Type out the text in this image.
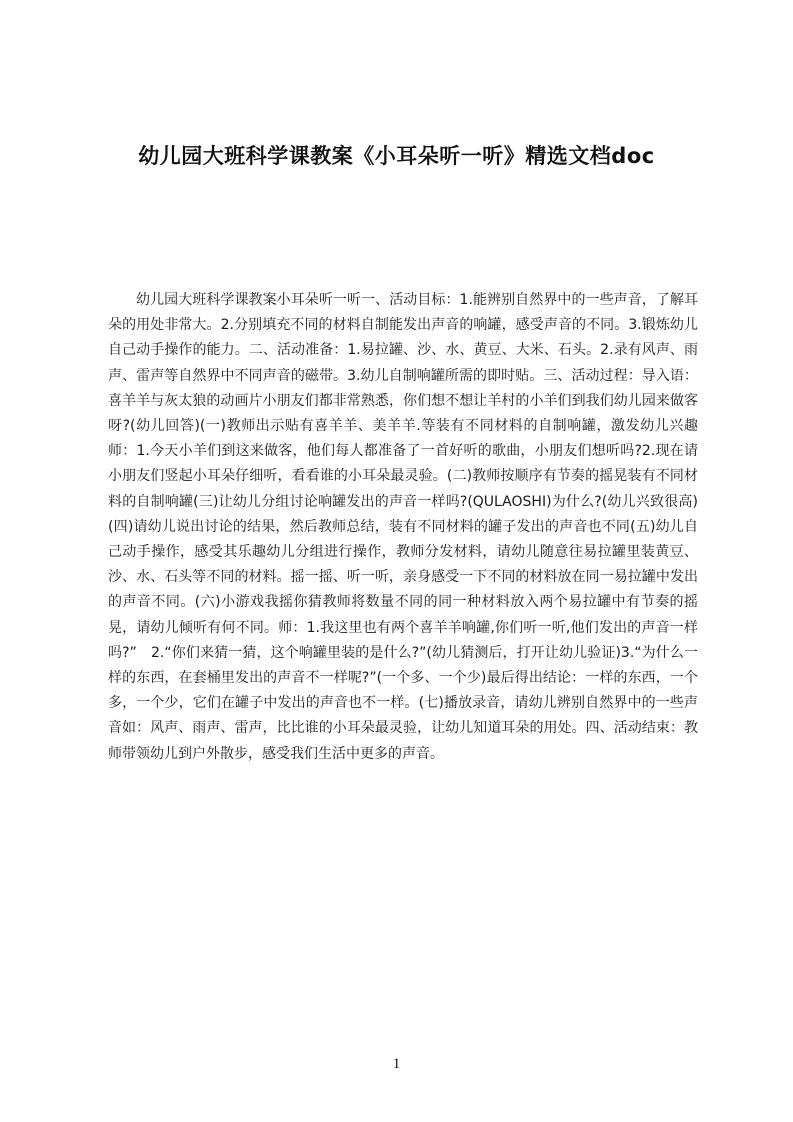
幼儿园大班科学课教案《小耳朵听一听》精选文档doc

幼儿园大班科学课教案小耳朵听一听一、活动目标：1.能辨别自然界中的一些声音，了解耳朵的用处非常大。2.分别填充不同的材料自制能发出声音的响罐，感受声音的不同。3.锻炼幼儿自己动手操作的能力。二、活动准备：1.易拉罐、沙、水、黄豆、大米、石头。2.录有风声、雨声、雷声等自然界中不同声音的磁带。3.幼儿自制响罐所需的即时贴。三、活动过程：导入语：喜羊羊与灰太狼的动画片小朋友们都非常熟悉，你们想不想让羊村的小羊们到我们幼儿园来做客呀?(幼儿回答)(一)教师出示贴有喜羊羊、美羊羊.等装有不同材料的自制响罐，激发幼儿兴趣师：1.今天小羊们到这来做客，他们每人都准备了一首好听的歌曲，小朋友们想听吗?2.现在请小朋友们竖起小耳朵仔细听，看看谁的小耳朵最灵验。(二)教师按顺序有节奏的摇晃装有不同材料的自制响罐(三)让幼儿分组讨论响罐发出的声音一样吗?(QULAOSHI)为什么?(幼儿兴致很高)(四)请幼儿说出讨论的结果，然后教师总结，装有不同材料的罐子发出的声音也不同(五)幼儿自己动手操作，感受其乐趣幼儿分组进行操作，教师分发材料，请幼儿随意往易拉罐里装黄豆、沙、水、石头等不同的材料。摇一摇、听一听，亲身感受一下不同的材料放在同一易拉罐中发出的声音不同。(六)小游戏我摇你猜教师将数量不同的同一种材料放入两个易拉罐中有节奏的摇晃，请幼儿倾听有何不同。师：1.我这里也有两个喜羊羊响罐,你们听一听,他们发出的声音一样吗?”　2.“你们来猜一猜，这个响罐里装的是什么?”(幼儿猜测后，打开让幼儿验证)3.“为什么一样的东西，在套桶里发出的声音不一样呢?”(一个多、一个少)最后得出结论：一样的东西，一个多，一个少，它们在罐子中发出的声音也不一样。(七)播放录音，请幼儿辨别自然界中的一些声音如：风声、雨声、雷声，比比谁的小耳朵最灵验，让幼儿知道耳朵的用处。四、活动结束：教师带领幼儿到户外散步，感受我们生活中更多的声音。

1
